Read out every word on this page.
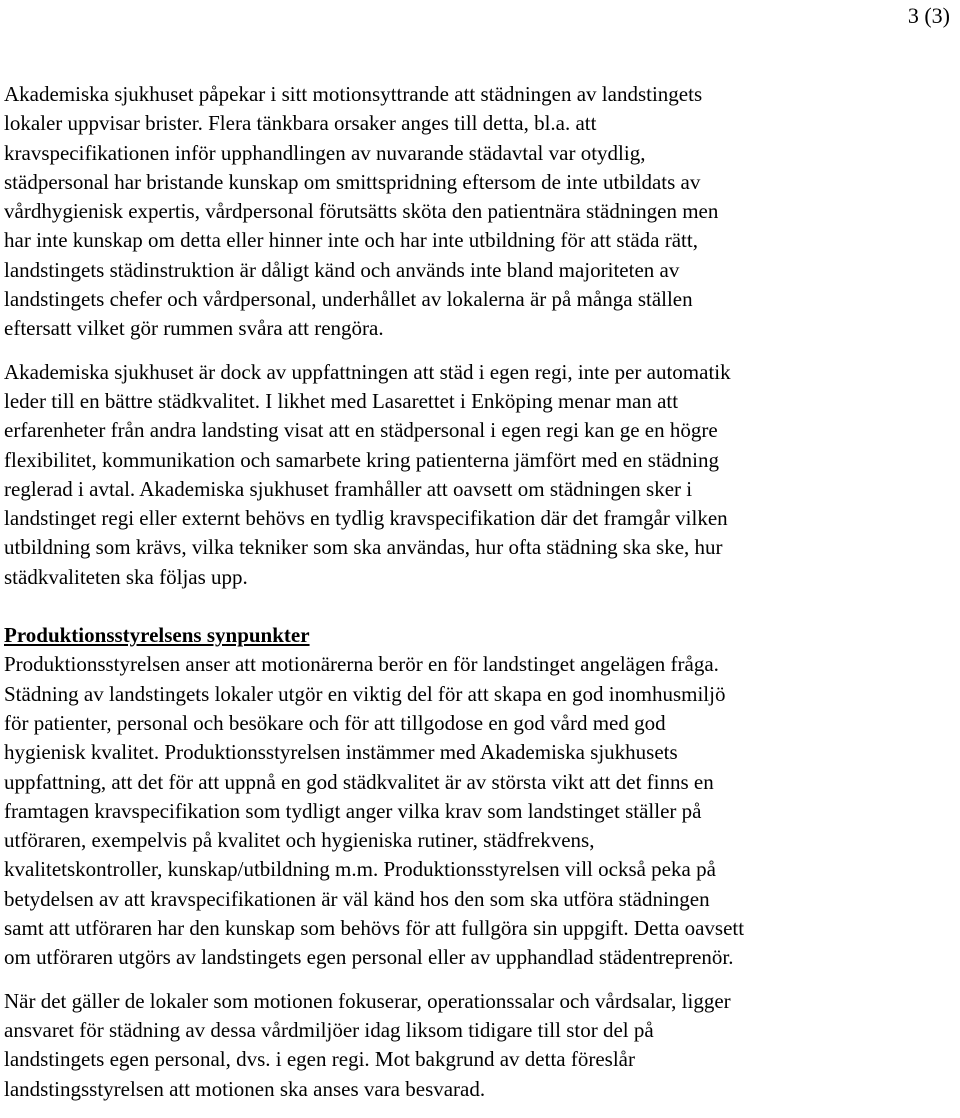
3 (3)
Akademiska sjukhuset påpekar i sitt motionsyttrande att städningen av landstingets
lokaler uppvisar brister. Flera tänkbara orsaker anges till detta, bl.a. att
kravspecifikationen inför upphandlingen av nuvarande städavtal var otydlig,
städpersonal har bristande kunskap om smittspridning eftersom de inte utbildats av
vårdhygienisk expertis, vårdpersonal förutsätts sköta den patientnära städningen men
har inte kunskap om detta eller hinner inte och har inte utbildning för att städa rätt,
landstingets städinstruktion är dåligt känd och används inte bland majoriteten av
landstingets chefer och vårdpersonal, underhållet av lokalerna är på många ställen
eftersatt vilket gör rummen svåra att rengöra.
Akademiska sjukhuset är dock av uppfattningen att städ i egen regi, inte per automatik
leder till en bättre städkvalitet. I likhet med Lasarettet i Enköping menar man att
erfarenheter från andra landsting visat att en städpersonal i egen regi kan ge en högre
flexibilitet, kommunikation och samarbete kring patienterna jämfört med en städning
reglerad i avtal. Akademiska sjukhuset framhåller att oavsett om städningen sker i
landstinget regi eller externt behövs en tydlig kravspecifikation där det framgår vilken
utbildning som krävs, vilka tekniker som ska användas, hur ofta städning ska ske, hur
städkvaliteten ska följas upp.
Produktionsstyrelsens synpunkter
Produktionsstyrelsen anser att motionärerna berör en för landstinget angelägen fråga.
Städning av landstingets lokaler utgör en viktig del för att skapa en god inomhusmiljö
för patienter, personal och besökare och för att tillgodose en god vård med god
hygienisk kvalitet. Produktionsstyrelsen instämmer med Akademiska sjukhusets
uppfattning, att det för att uppnå en god städkvalitet är av största vikt att det finns en
framtagen kravspecifikation som tydligt anger vilka krav som landstinget ställer på
utföraren, exempelvis på kvalitet och hygieniska rutiner, städfrekvens,
kvalitetskontroller, kunskap/utbildning m.m. Produktionsstyrelsen vill också peka på
betydelsen av att kravspecifikationen är väl känd hos den som ska utföra städningen
samt att utföraren har den kunskap som behövs för att fullgöra sin uppgift. Detta oavsett
om utföraren utgörs av landstingets egen personal eller av upphandlad städentreprenör.
När det gäller de lokaler som motionen fokuserar, operationssalar och vårdsalar, ligger
ansvaret för städning av dessa vårdmiljöer idag liksom tidigare till stor del på
landstingets egen personal, dvs. i egen regi. Mot bakgrund av detta föreslår
landstingsstyrelsen att motionen ska anses vara besvarad.
